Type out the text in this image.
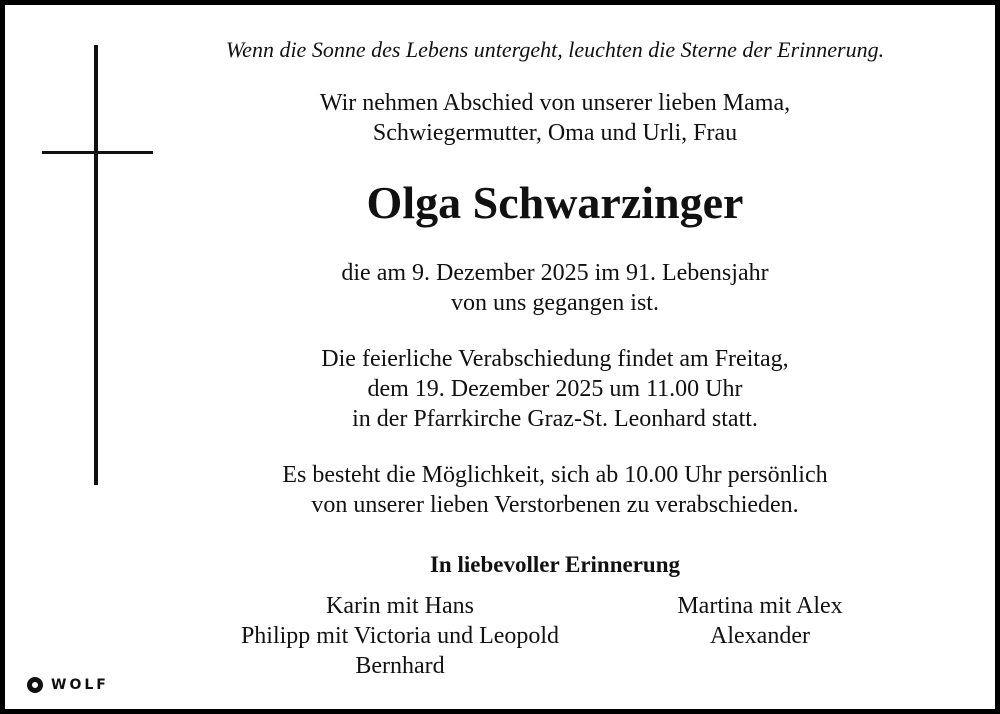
Wenn die Sonne des Lebens untergeht, leuchten die Sterne der Erinnerung.
Wir nehmen Abschied von unserer lieben Mama,
Schwiegermutter, Oma und Urli, Frau
Olga Schwarzinger
die am 9. Dezember 2025 im 91. Lebensjahr
von uns gegangen ist.
Die feierliche Verabschiedung findet am Freitag,
dem 19. Dezember 2025 um 11.00 Uhr
in der Pfarrkirche Graz-St. Leonhard statt.
Es besteht die Möglichkeit, sich ab 10.00 Uhr persönlich
von unserer lieben Verstorbenen zu verabschieden.
In liebevoller Erinnerung
Karin mit Hans
Philipp mit Victoria und Leopold
Bernhard
Martina mit Alex
Alexander
WOLF
